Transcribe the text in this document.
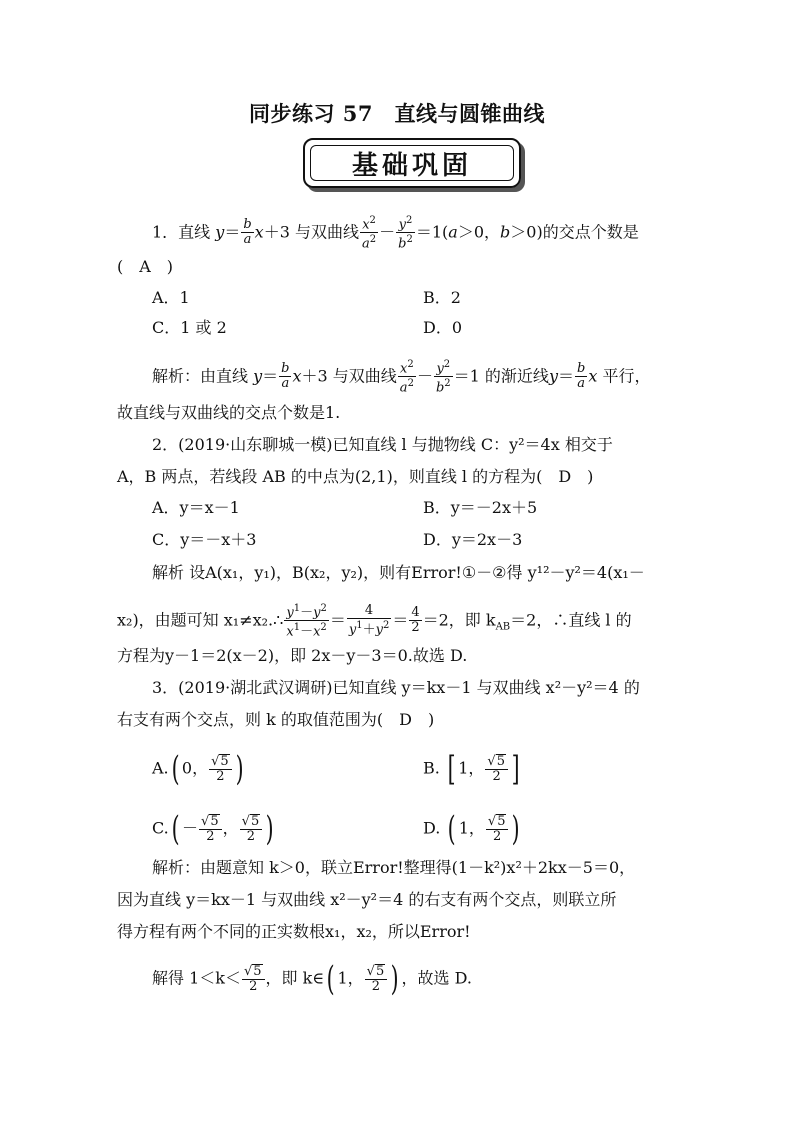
同步练习 57　直线与圆锥曲线
基础巩固
1．直线 $y= \frac{b}{a} x+3$ 与双曲线 $\frac{x^2}{a^2} - \frac{y^2}{b^2} =1(a>0$，b＞0)的交点个数是
(　A　)
A．1	B．2
C．1 或 2	D．0
解析：由直线 $y= \frac{b}{a} x+3$ 与双曲线 $\frac{x^2}{a^2} - \frac{y^2}{b^2} =1$ 的渐近线$y= \frac{b}{a}$ x 平行，
故直线与双曲线的交点个数是1.
2．(2019·山东聊城一模)已知直线 l 与抛物线 C：y²＝4x 相交于
A，B 两点，若线段 AB 的中点为(2,1)，则直线 l 的方程为(　D　)
A．y＝x－1	B．y＝－2x＋5
C．y＝－x＋3	D．y＝2x－3
解析 设A(x₁，y₁)，B(x₂，y₂)，则有Error!①－②得 y¹²－y²＝4(x₁－
x₂)，由题可知 x₁≠x₂.∴ $\frac{y^1-y^2}{x^1-x^2} = \frac{4}{y^1+y^2} = \frac{4}{2} =2$，即 $k_{AB}=2$，∴直线 l 的
方程为y－1＝2(x－2)，即 2x－y－3＝0.故选 D.
3．(2019·湖北武汉调研)已知直线 y＝kx－1 与双曲线 x²－y²＝4 的
右支有两个交点，则 k 的取值范围为(　D　)
A.( 0， $\frac{√5}{2}$ )	B. [ 1， $\frac{√5}{2}$ ]
$C.( - \frac{√5}{2}$ ， $\frac{√5}{2}$ )	D. ( 1， $\frac{√5}{2}$ )
解析：由题意知 k＞0，联立Error!整理得(1－k²)x²＋2kx－5＝0，
因为直线 y＝kx－1 与双曲线 x²－y²＝4 的右支有两个交点，则联立所
得方程有两个不同的正实数根x₁，x₂，所以Error!
解得 $1<k< \frac{√5}{2}$ ，即 k∈( 1， $\frac{√5}{2}$ ) ，故选 D.
